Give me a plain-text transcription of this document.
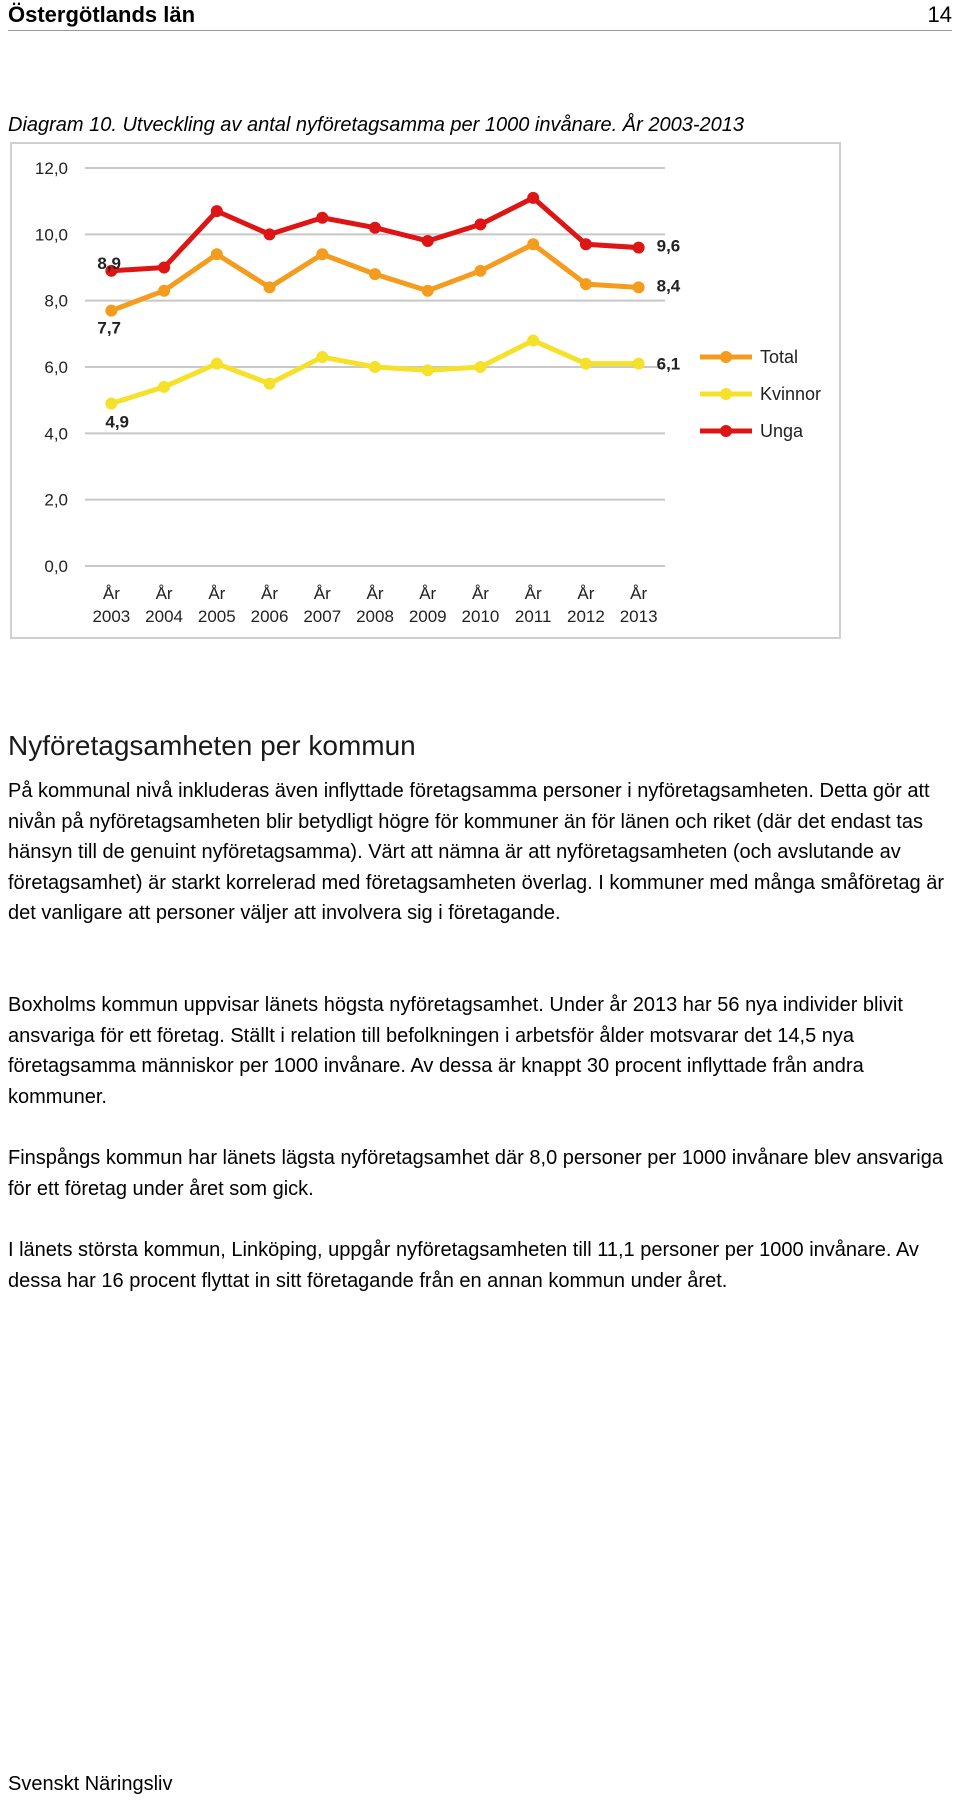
Östergötlands län	14
Diagram 10. Utveckling av antal nyföretagsamma per 1000 invånare. År 2003-2013
0,0
2,0
4,0
6,0
8,0
10,0
12,0
År
2003
År
2004
År
2005
År
2006
År
2007
År
2008
År
2009
År
2010
År
2011
År
2012
År
2013
7,7
8,4
4,9
6,1
8,9
9,6
Total
Kvinnor
Unga
Nyföretagsamheten per kommun

På kommunal nivå inkluderas även inflyttade företagsamma personer i nyföretagsamheten. Detta gör att nivån på nyföretagsamheten blir betydligt högre för kommuner än för länen och riket (där det endast tas hänsyn till de genuint nyföretagsamma). Värt att nämna är att nyföretagsamheten (och avslutande av företagsamhet) är starkt korrelerad med företagsamheten överlag. I kommuner med många småföretag är det vanligare att personer väljer att involvera sig i företagande.

Boxholms kommun uppvisar länets högsta nyföretagsamhet. Under år 2013 har 56 nya individer blivit ansvariga för ett företag. Ställt i relation till befolkningen i arbetsför ålder motsvarar det 14,5 nya företagsamma människor per 1000 invånare. Av dessa är knappt 30 procent inflyttade från andra kommuner.

Finspångs kommun har länets lägsta nyföretagsamhet där 8,0 personer per 1000 invånare blev ansvariga för ett företag under året som gick.

I länets största kommun, Linköping, uppgår nyföretagsamheten till 11,1 personer per 1000 invånare. Av dessa har 16 procent flyttat in sitt företagande från en annan kommun under året.

Svenskt Näringsliv
